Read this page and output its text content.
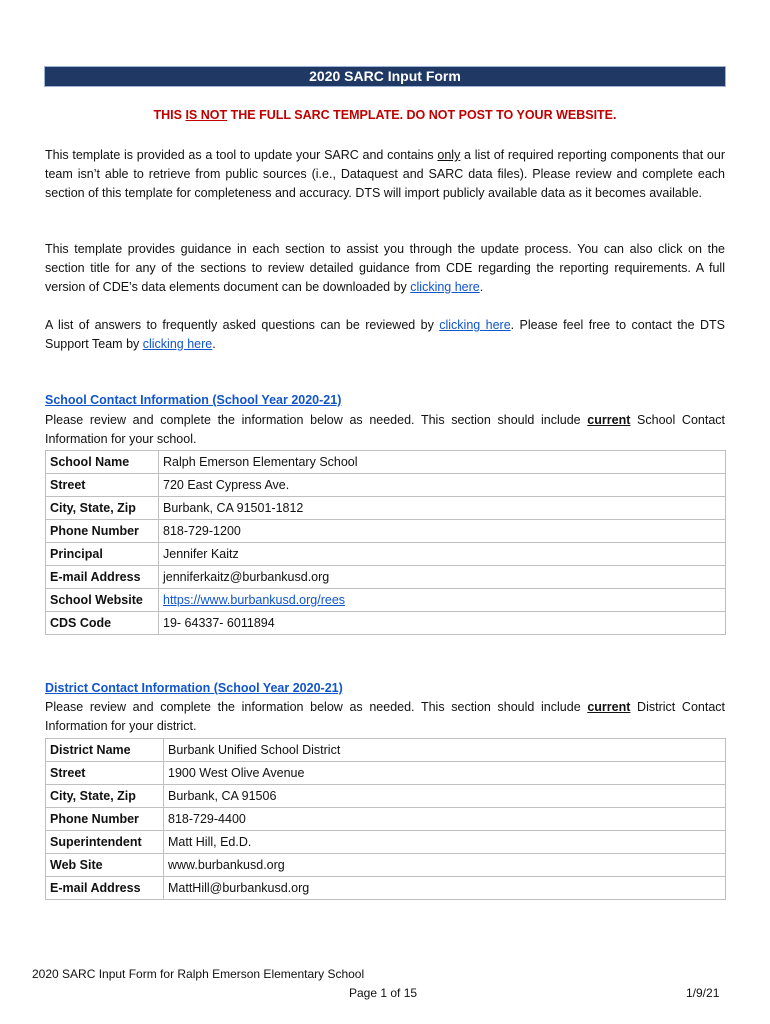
2020 SARC Input Form
THIS IS NOT THE FULL SARC TEMPLATE. DO NOT POST TO YOUR WEBSITE.

This template is provided as a tool to update your SARC and contains only a list of required reporting components that our team isn’t able to retrieve from public sources (i.e., Dataquest and SARC data files). Please review and complete each section of this template for completeness and accuracy. DTS will import publicly available data as it becomes available.

This template provides guidance in each section to assist you through the update process. You can also click on the section title for any of the sections to review detailed guidance from CDE regarding the reporting requirements. A full version of CDE’s data elements document can be downloaded by clicking here.

A list of answers to frequently asked questions can be reviewed by clicking here. Please feel free to contact the DTS Support Team by clicking here.

School Contact Information (School Year 2020-21)

Please review and complete the information below as needed. This section should include current School Contact Information for your school.

School Name	Ralph Emerson Elementary School
Street	720 East Cypress Ave.
City, State, Zip	Burbank, CA 91501-1812
Phone Number	818-729-1200
Principal	Jennifer Kaitz
E-mail Address	jenniferkaitz@burbankusd.org
School Website	https://www.burbankusd.org/rees
CDS Code	19- 64337- 6011894
District Contact Information (School Year 2020-21)

Please review and complete the information below as needed. This section should include current District Contact Information for your district.

District Name	Burbank Unified School District
Street	1900 West Olive Avenue
City, State, Zip	Burbank, CA 91506
Phone Number	818-729-4400
Superintendent	Matt Hill, Ed.D.
Web Site	www.burbankusd.org
E-mail Address	MattHill@burbankusd.org
2020 SARC Input Form for Ralph Emerson Elementary School
Page 1 of 15	1/9/21
